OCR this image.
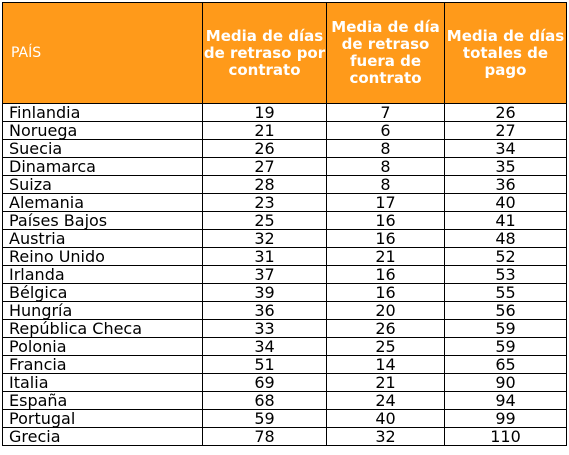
PAÍS	Media de días de retraso por contrato	Media de día de retraso fuera de contrato	Media de días totales de pago
Finlandia	19	7	26
Noruega	21	6	27
Suecia	26	8	34
Dinamarca	27	8	35
Suiza	28	8	36
Alemania	23	17	40
Países Bajos	25	16	41
Austria	32	16	48
Reino Unido	31	21	52
Irlanda	37	16	53
Bélgica	39	16	55
Hungría	36	20	56
República Checa	33	26	59
Polonia	34	25	59
Francia	51	14	65
Italia	69	21	90
España	68	24	94
Portugal	59	40	99
Grecia	78	32	110
